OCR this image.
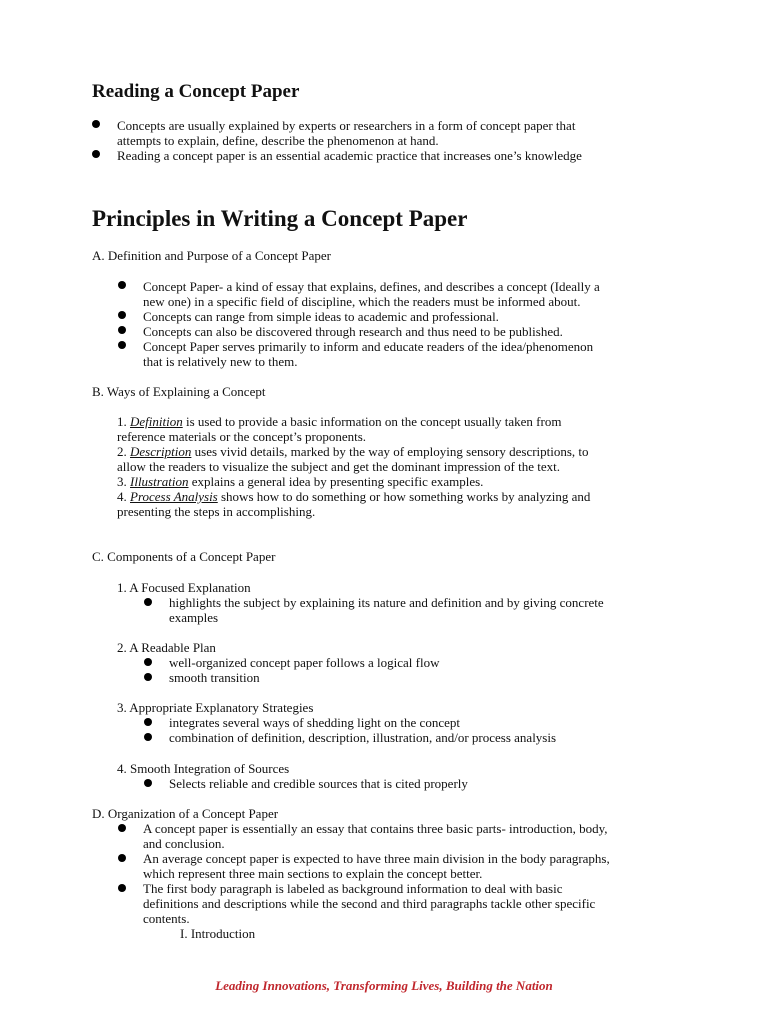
Reading a Concept Paper
Concepts are usually explained by experts or researchers in a form of concept paper that
attempts to explain, define, describe the phenomenon at hand.
Reading a concept paper is an essential academic practice that increases one’s knowledge
Principles in Writing a Concept Paper
A. Definition and Purpose of a Concept Paper
Concept Paper- a kind of essay that explains, defines, and describes a concept (Ideally a
new one) in a specific field of discipline, which the readers must be informed about.
Concepts can range from simple ideas to academic and professional.
Concepts can also be discovered through research and thus need to be published.
Concept Paper serves primarily to inform and educate readers of the idea/phenomenon
that is relatively new to them.
B. Ways of Explaining a Concept
1. Definition is used to provide a basic information on the concept usually taken from
reference materials or the concept’s proponents.
2. Description uses vivid details, marked by the way of employing sensory descriptions, to
allow the readers to visualize the subject and get the dominant impression of the text.
3. Illustration explains a general idea by presenting specific examples.
4. Process Analysis shows how to do something or how something works by analyzing and
presenting the steps in accomplishing.
C. Components of a Concept Paper
1. A Focused Explanation
highlights the subject by explaining its nature and definition and by giving concrete
examples
2. A Readable Plan
well-organized concept paper follows a logical flow
smooth transition
3. Appropriate Explanatory Strategies
integrates several ways of shedding light on the concept
combination of definition, description, illustration, and/or process analysis
4. Smooth Integration of Sources
Selects reliable and credible sources that is cited properly
D. Organization of a Concept Paper
A concept paper is essentially an essay that contains three basic parts- introduction, body,
and conclusion.
An average concept paper is expected to have three main division in the body paragraphs,
which represent three main sections to explain the concept better.
The first body paragraph is labeled as background information to deal with basic
definitions and descriptions while the second and third paragraphs tackle other specific
contents.
I. Introduction
Leading Innovations, Transforming Lives, Building the Nation
